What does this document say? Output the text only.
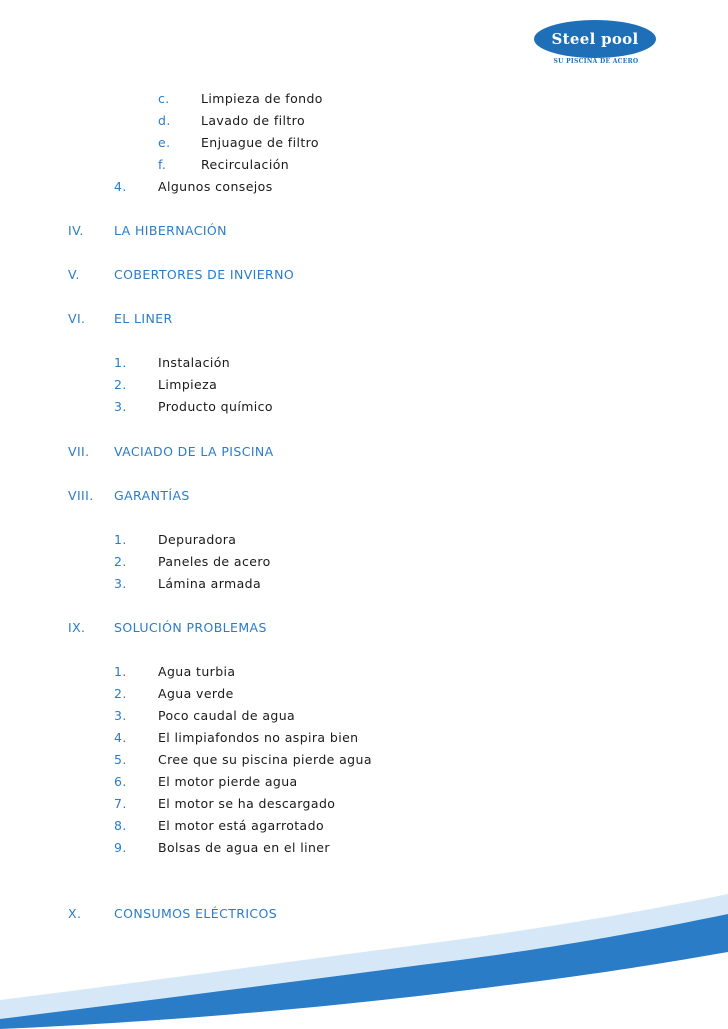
Steel pool
SU PISCINA DE ACERO
c.	Limpieza de fondo
d. Lavado de filtro
e. Enjuague de filtro
f.	Recirculación
4.	Algunos consejos
IV. LA HIBERNACIÓN
V.	COBERTORES DE INVIERNO
VI. EL LINER
1.	Instalación
2.	Limpieza
3.	Producto químico
VII. VACIADO DE LA PISCINA
VIII. GARANTÍAS
1.	Depuradora
2.	Paneles de acero
3.	Lámina armada
IX. SOLUCIÓN PROBLEMAS
1.	Agua turbia
2.	Agua verde
3.	Poco caudal de agua
4.	El limpiafondos no aspira bien
5.	Cree que su piscina pierde agua
6.	El motor pierde agua
7.	El motor se ha descargado
8.	El motor está agarrotado
9.	Bolsas de agua en el liner
X.	CONSUMOS ELÉCTRICOS
5
